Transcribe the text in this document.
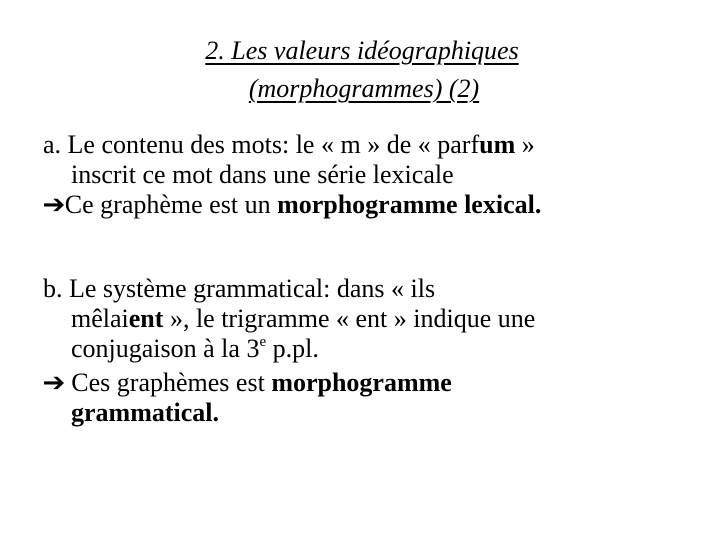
2. Les valeurs idéographiques
(morphogrammes) (2)
a. Le contenu des mots: le « m » de « parfum »
inscrit ce mot dans une série lexicale
➔Ce graphème est un morphogramme lexical.
b. Le système grammatical: dans « ils
mêlaient », le trigramme « ent » indique une
conjugaison à la 3e p.pl.
➔ Ces graphèmes est morphogramme
grammatical.
